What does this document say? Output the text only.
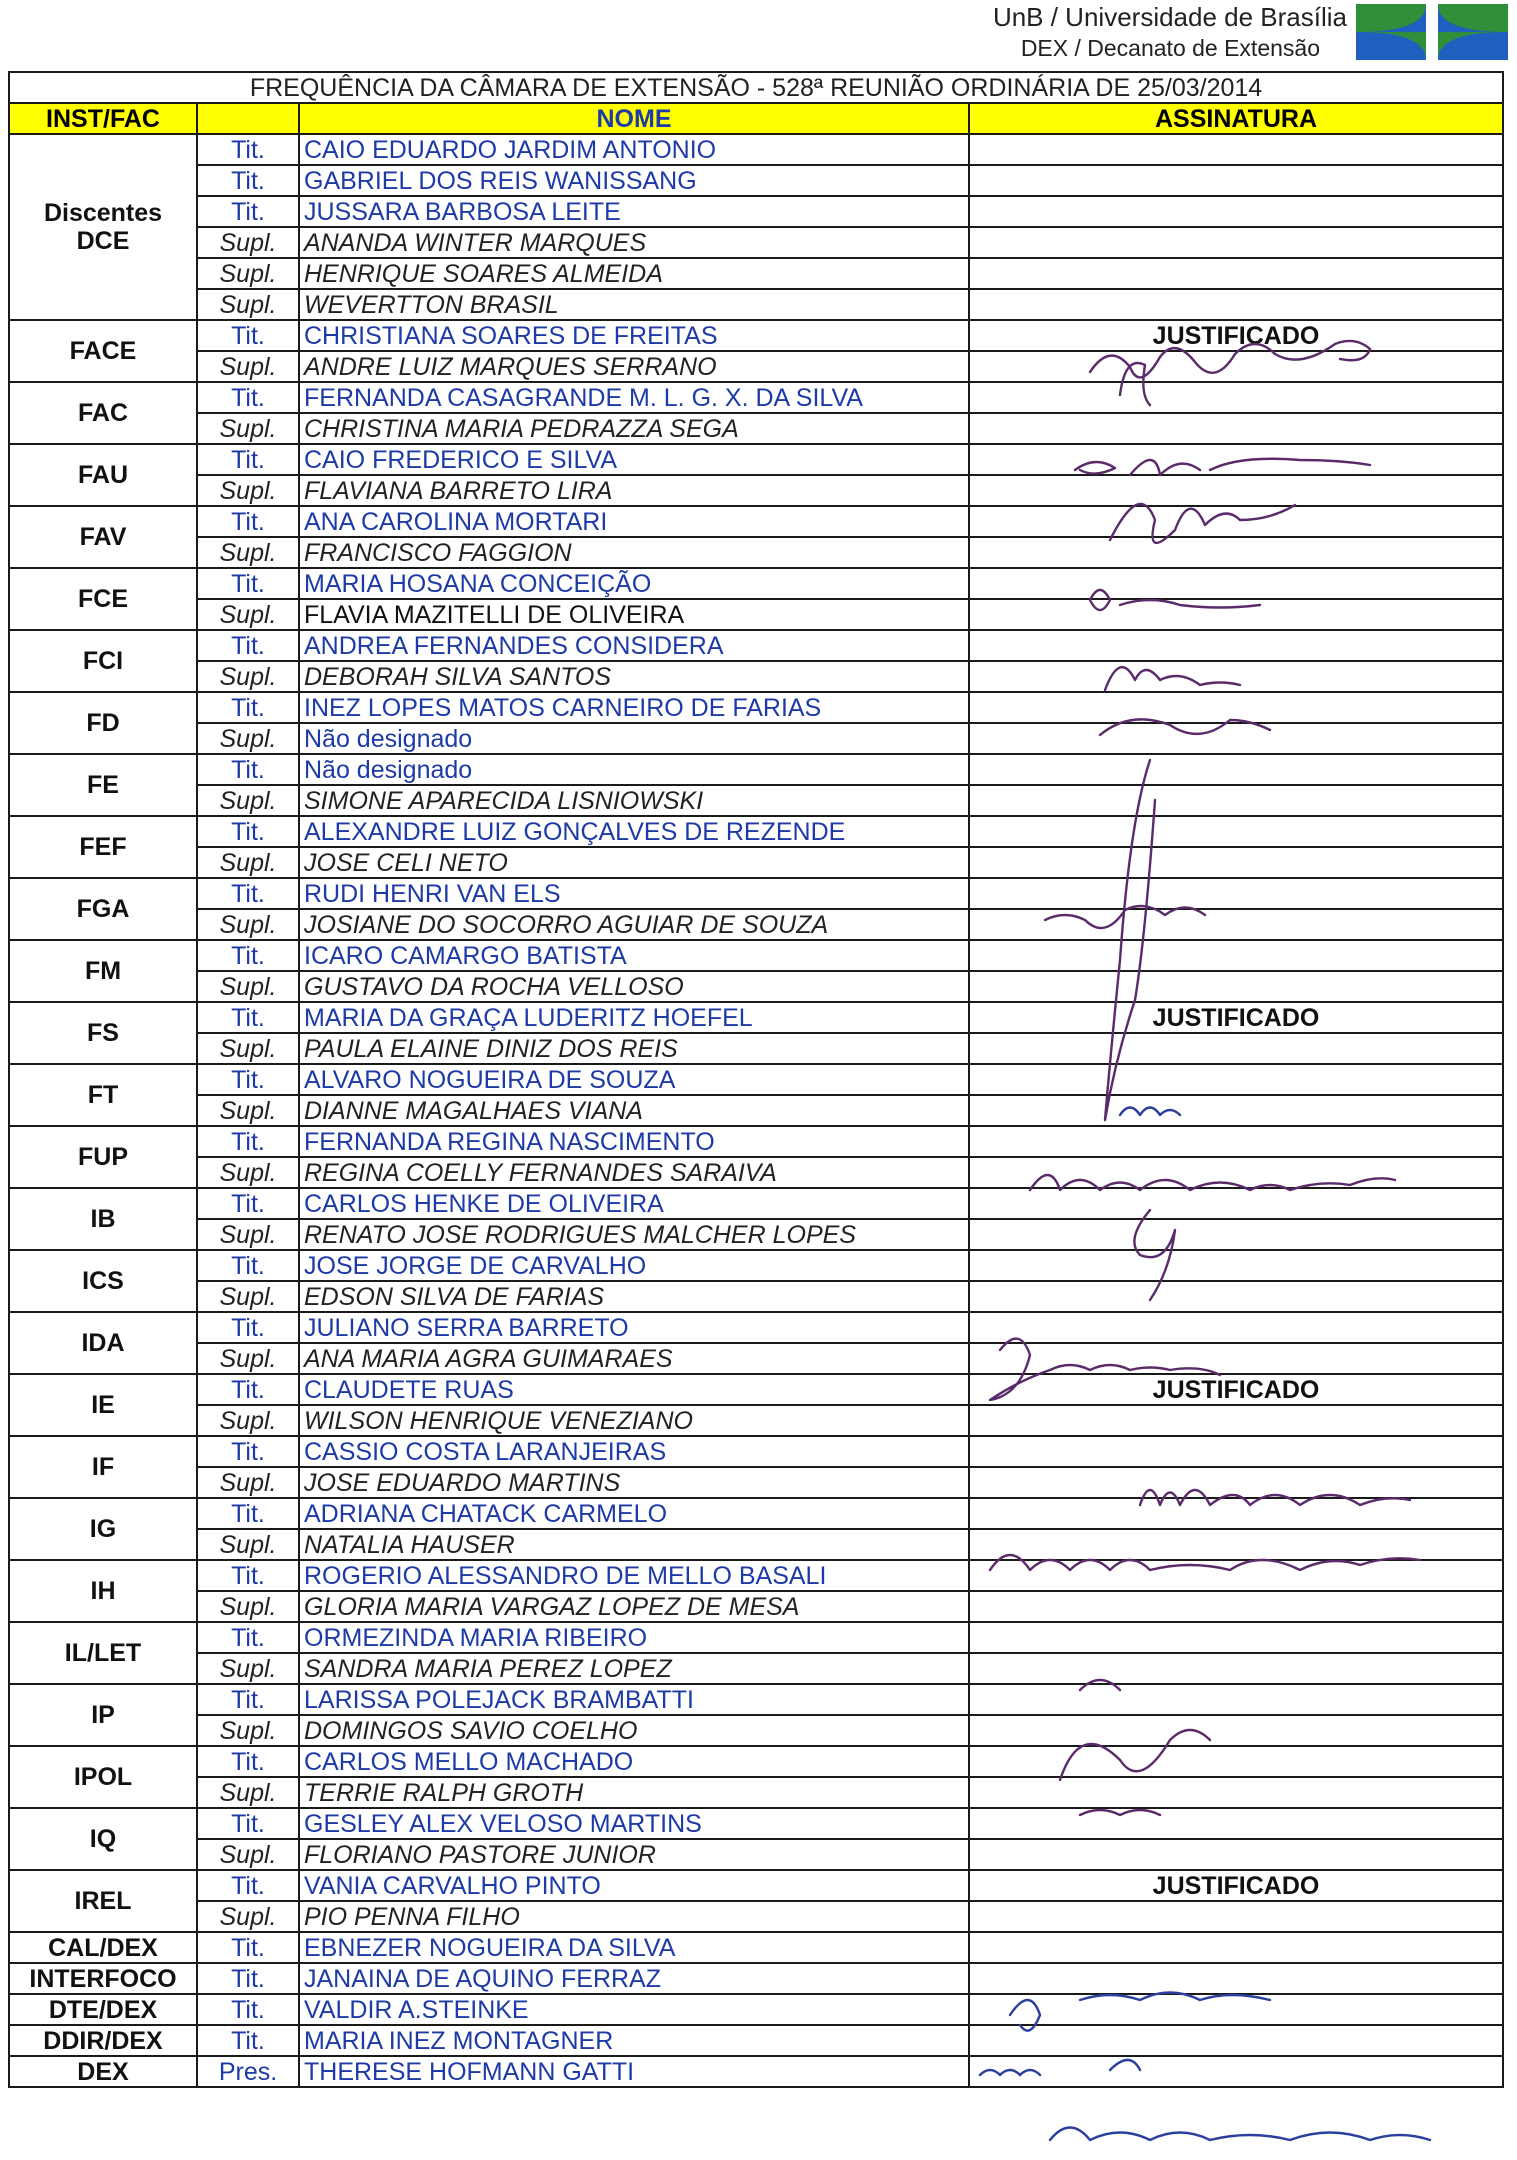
UnB / Universidade de Brasília
DEX / Decanato de Extensão
FREQUÊNCIA DA CÂMARA DE EXTENSÃO - 528ª REUNIÃO ORDINÁRIA DE 25/03/2014			
INST/FAC		NOME	ASSINATURA
Discentes DCE	Tit.	CAIO EDUARDO JARDIM ANTONIO	
	Tit.	GABRIEL DOS REIS WANISSANG	
	Tit.	JUSSARA BARBOSA LEITE	
	Supl.	ANANDA WINTER MARQUES	
	Supl.	HENRIQUE SOARES ALMEIDA	
	Supl.	WEVERTTON BRASIL	
FACE	Tit.	CHRISTIANA SOARES DE FREITAS	JUSTIFICADO
	Supl.	ANDRE LUIZ MARQUES SERRANO	
FAC	Tit.	FERNANDA CASAGRANDE M. L. G. X. DA SILVA	
	Supl.	CHRISTINA MARIA PEDRAZZA SEGA	
FAU	Tit.	CAIO FREDERICO E SILVA	
	Supl.	FLAVIANA BARRETO LIRA	
FAV	Tit.	ANA CAROLINA MORTARI	
	Supl.	FRANCISCO FAGGION	
FCE	Tit.	MARIA HOSANA CONCEIÇÃO	
	Supl.	FLAVIA MAZITELLI DE OLIVEIRA	
FCI	Tit.	ANDREA FERNANDES CONSIDERA	
	Supl.	DEBORAH SILVA SANTOS	
FD	Tit.	INEZ LOPES MATOS CARNEIRO DE FARIAS	
	Supl.	Não designado	
FE	Tit.	Não designado	
	Supl.	SIMONE APARECIDA LISNIOWSKI	
FEF	Tit.	ALEXANDRE LUIZ GONÇALVES DE REZENDE	
	Supl.	JOSE CELI NETO	
FGA	Tit.	RUDI HENRI VAN ELS	
	Supl.	JOSIANE DO SOCORRO AGUIAR DE SOUZA	
FM	Tit.	ICARO CAMARGO BATISTA	
	Supl.	GUSTAVO DA ROCHA VELLOSO	
FS	Tit.	MARIA DA GRAÇA LUDERITZ HOEFEL	JUSTIFICADO
	Supl.	PAULA ELAINE DINIZ DOS REIS	
FT	Tit.	ALVARO NOGUEIRA DE SOUZA	
	Supl.	DIANNE MAGALHAES VIANA	
FUP	Tit.	FERNANDA REGINA NASCIMENTO	
	Supl.	REGINA COELLY FERNANDES SARAIVA	
IB	Tit.	CARLOS HENKE DE OLIVEIRA	
	Supl.	RENATO JOSE RODRIGUES MALCHER LOPES	
ICS	Tit.	JOSE JORGE DE CARVALHO	
	Supl.	EDSON SILVA DE FARIAS	
IDA	Tit.	JULIANO SERRA BARRETO	
	Supl.	ANA MARIA AGRA GUIMARAES	
IE	Tit.	CLAUDETE RUAS	JUSTIFICADO
	Supl.	WILSON HENRIQUE VENEZIANO	
IF	Tit.	CASSIO COSTA LARANJEIRAS	
	Supl.	JOSE EDUARDO MARTINS	
IG	Tit.	ADRIANA CHATACK CARMELO	
	Supl.	NATALIA HAUSER	
IH	Tit.	ROGERIO ALESSANDRO DE MELLO BASALI	
	Supl.	GLORIA MARIA VARGAZ LOPEZ DE MESA	
IL/LET	Tit.	ORMEZINDA MARIA RIBEIRO	
	Supl.	SANDRA MARIA PEREZ LOPEZ	
IP	Tit.	LARISSA POLEJACK BRAMBATTI	
	Supl.	DOMINGOS SAVIO COELHO	
IPOL	Tit.	CARLOS MELLO MACHADO	
	Supl.	TERRIE RALPH GROTH	
IQ	Tit.	GESLEY ALEX VELOSO MARTINS	
	Supl.	FLORIANO PASTORE JUNIOR	
IREL	Tit.	VANIA CARVALHO PINTO	JUSTIFICADO
	Supl.	PIO PENNA FILHO	
CAL/DEX	Tit.	EBNEZER NOGUEIRA DA SILVA	
INTERFOCO	Tit.	JANAINA DE AQUINO FERRAZ	
DTE/DEX	Tit.	VALDIR A.STEINKE	
DDIR/DEX	Tit.	MARIA INEZ MONTAGNER	
DEX	Pres.	THERESE HOFMANN GATTI	
